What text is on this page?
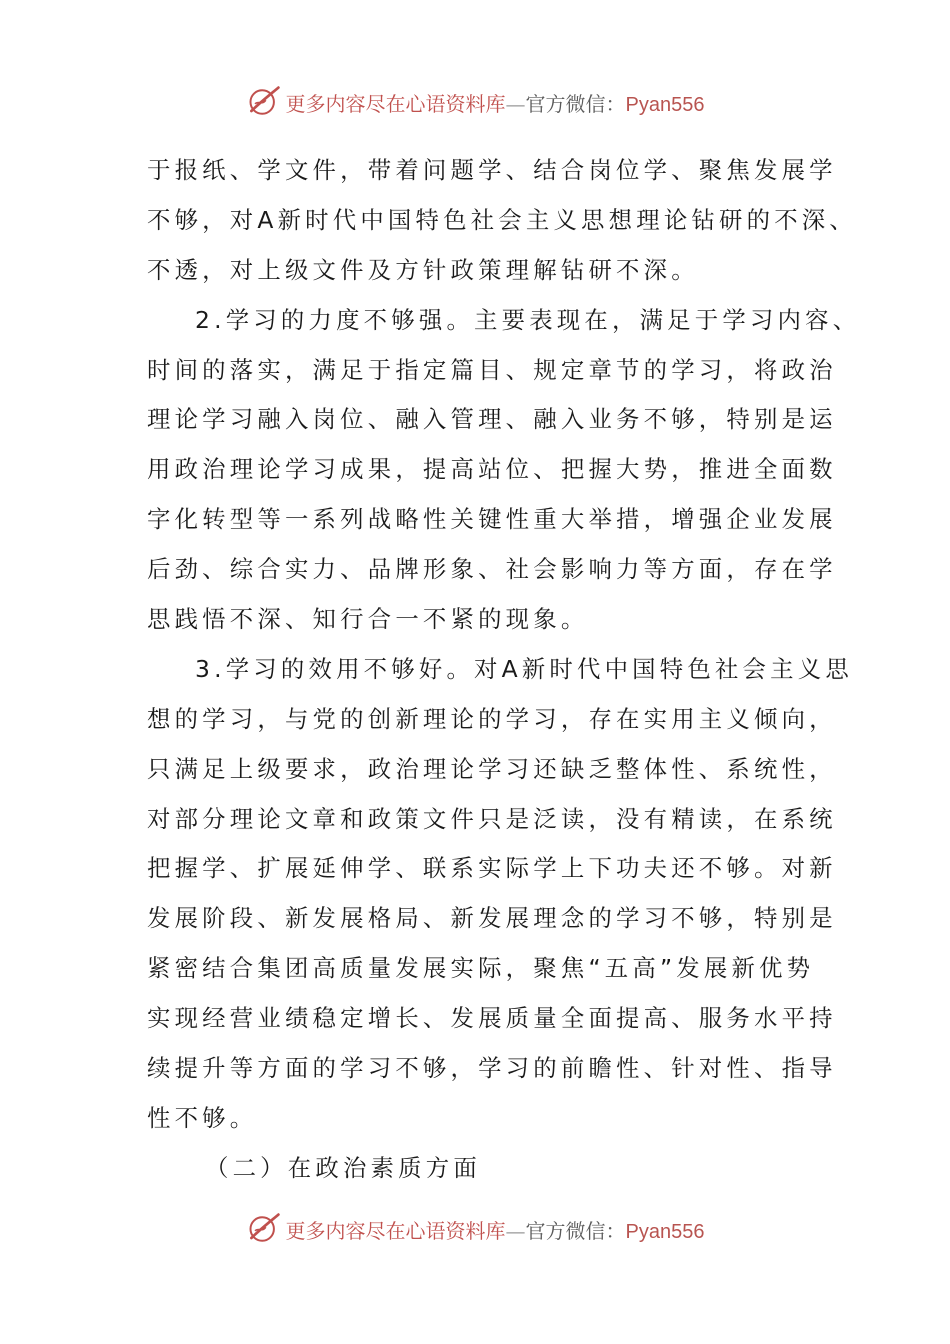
更多内容尽在心语资料库—官方微信：Pyan556
于报纸、学文件，带着问题学、结合岗位学、聚焦发展学
不够，对A新时代中国特色社会主义思想理论钻研的不深、
不透，对上级文件及方针政策理解钻研不深。
2.学习的力度不够强。主要表现在，满足于学习内容、
时间的落实，满足于指定篇目、规定章节的学习，将政治
理论学习融入岗位、融入管理、融入业务不够，特别是运
用政治理论学习成果，提高站位、把握大势，推进全面数
字化转型等一系列战略性关键性重大举措，增强企业发展
后劲、综合实力、品牌形象、社会影响力等方面，存在学
思践悟不深、知行合一不紧的现象。
3.学习的效用不够好。对A新时代中国特色社会主义思
想的学习，与党的创新理论的学习，存在实用主义倾向，
只满足上级要求，政治理论学习还缺乏整体性、系统性，
对部分理论文章和政策文件只是泛读，没有精读，在系统
把握学、扩展延伸学、联系实际学上下功夫还不够。对新
发展阶段、新发展格局、新发展理念的学习不够，特别是
紧密结合集团高质量发展实际，聚焦“五高”发展新优势
实现经营业绩稳定增长、发展质量全面提高、服务水平持
续提升等方面的学习不够，学习的前瞻性、针对性、指导
性不够。
（二）在政治素质方面
更多内容尽在心语资料库—官方微信：Pyan556
